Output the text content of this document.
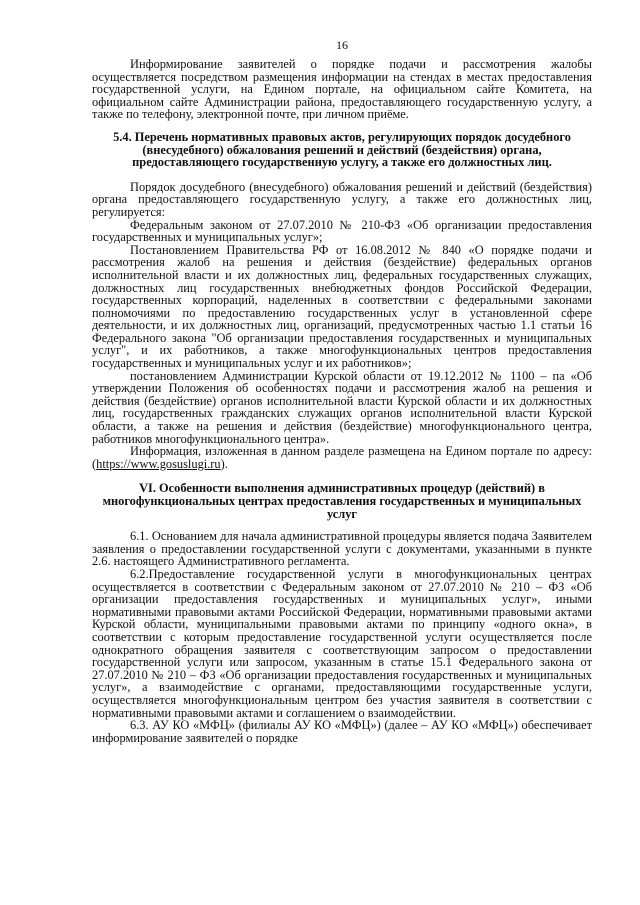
16

Информирование заявителей о порядке подачи и рассмотрения жалобы осуществляется посредством размещения информации на стендах в местах предоставления государственной услуги, на Едином портале, на официальном сайте Комитета, на официальном сайте Администрации района, предоставляющего государственную услугу, а также по телефону, электронной почте, при личном приёме.

5.4. Перечень нормативных правовых актов, регулирующих порядок досудебного (внесудебного) обжалования решений и действий (бездействия) органа, предоставляющего государственную услугу, а также его должностных лиц.

Порядок досудебного (внесудебного) обжалования решений и действий (бездействия) органа предоставляющего государственную услугу, а также его должностных лиц, регулируется:

Федеральным законом от 27.07.2010 № 210-ФЗ «Об организации предоставления государственных и муниципальных услуг»;

Постановлением Правительства РФ от 16.08.2012 № 840 «О порядке подачи и рассмотрения жалоб на решения и действия (бездействие) федеральных органов исполнительной власти и их должностных лиц, федеральных государственных служащих, должностных лиц государственных внебюджетных фондов Российской Федерации, государственных корпораций, наделенных в соответствии с федеральными законами полномочиями по предоставлению государственных услуг в установленной сфере деятельности, и их должностных лиц, организаций, предусмотренных частью 1.1 статьи 16 Федерального закона "Об организации предоставления государственных и муниципальных услуг", и их работников, а также многофункциональных центров предоставления государственных и муниципальных услуг и их работников»;

постановлением Администрации Курской области от 19.12.2012 № 1100 – па «Об утверждении Положения об особенностях подачи и рассмотрения жалоб на решения и действия (бездействие) органов исполнительной власти Курской области и их должностных лиц, государственных гражданских служащих органов исполнительной власти Курской области, а также на решения и действия (бездействие) многофункционального центра, работников многофункционального центра».

Информация, изложенная в данном разделе размещена на Едином портале по адресу: (https://www.gosuslugi.ru).

VI. Особенности выполнения административных процедур (действий) в многофункциональных центрах предоставления государственных и муниципальных услуг

6.1. Основанием для начала административной процедуры является подача Заявителем заявления о предоставлении государственной услуги с документами, указанными в пункте 2.6. настоящего Административного регламента.

6.2.Предоставление государственной услуги в многофункциональных центрах осуществляется в соответствии с Федеральным законом от 27.07.2010 № 210 – ФЗ «Об организации предоставления государственных и муниципальных услуг», иными нормативными правовыми актами Российской Федерации, нормативными правовыми актами Курской области, муниципальными правовыми актами по принципу «одного окна», в соответствии с которым предоставление государственной услуги осуществляется после однократного обращения заявителя с соответствующим запросом о предоставлении государственной услуги или запросом, указанным в статье 15.1 Федерального закона от 27.07.2010 № 210 – ФЗ «Об организации предоставления государственных и муниципальных услуг», а взаимодействие с органами, предоставляющими государственные услуги, осуществляется многофункциональным центром без участия заявителя в соответствии с нормативными правовыми актами и соглашением о взаимодействии.

6.3. АУ КО «МФЦ» (филиалы АУ КО «МФЦ») (далее – АУ КО «МФЦ») обеспечивает информирование заявителей о порядке
